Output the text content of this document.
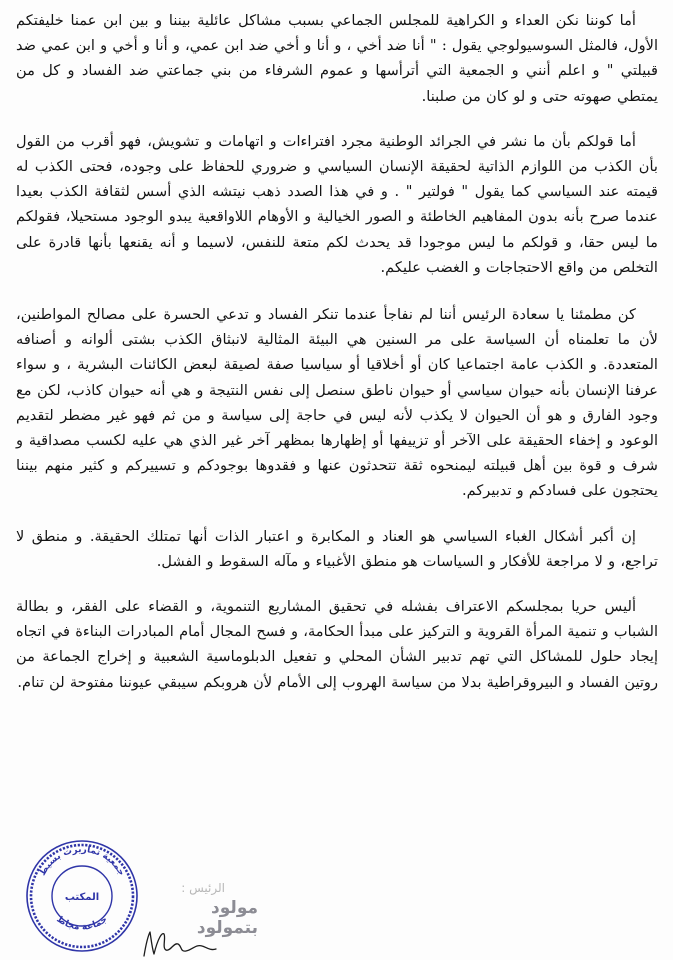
أما كوننا نكن العداء و الكراهية للمجلس الجماعي بسبب مشاكل عائلية بيننا و بين ابن عمنا خليفتكم الأول، فالمثل السوسيولوجي يقول : " أنا ضد أخي ، و أنا و أخي ضد ابن عمي، و أنا و أخي و ابن عمي ضد قبيلتي " و اعلم أنني و الجمعية التي أترأسها و عموم الشرفاء من بني جماعتي ضد الفساد و كل من يمتطي صهوته حتى و لو كان من صلبنا.

أما قولكم بأن ما نشر في الجرائد الوطنية مجرد افتراءات و اتهامات و تشويش، فهو أقرب من القول بأن الكذب من اللوازم الذاتية لحقيقة الإنسان السياسي و ضروري للحفاظ على وجوده، فحتى الكذب له قيمته عند السياسي كما يقول " فولتير " . و في هذا الصدد ذهب نيتشه الذي أسس لثقافة الكذب بعيدا عندما صرح بأنه بدون المفاهيم الخاطئة و الصور الخيالية و الأوهام اللاواقعية يبدو الوجود مستحيلا، فقولكم ما ليس حقا، و قولكم ما ليس موجودا قد يحدث لكم متعة للنفس، لاسيما و أنه يقنعها بأنها قادرة على التخلص من واقع الاحتجاجات و الغضب عليكم.

كن مطمئنا يا سعادة الرئيس أننا لم نفاجأ عندما تنكر الفساد و تدعي الحسرة على مصالح المواطنين، لأن ما تعلمناه أن السياسة على مر السنين هي البيئة المثالية لانبثاق الكذب بشتى ألوانه و أصنافه المتعددة. و الكذب عامة اجتماعيا كان أو أخلاقيا أو سياسيا صفة لصيقة لبعض الكائنات البشرية ، و سواء عرفنا الإنسان بأنه حيوان سياسي أو حيوان ناطق سنصل إلى نفس النتيجة و هي أنه حيوان كاذب، لكن مع وجود الفارق و هو أن الحيوان لا يكذب لأنه ليس في حاجة إلى سياسة و من ثم فهو غير مضطر لتقديم الوعود و إخفاء الحقيقة على الآخر أو تزييفها أو إظهارها بمظهر آخر غير الذي هي عليه لكسب مصداقية و شرف و قوة بين أهل قبيلته ليمنحوه ثقة تتحدثون عنها و فقدوها بوجودكم و تسييركم و كثير منهم بيننا يحتجون على فسادكم و تدبيركم.

إن أكبر أشكال الغباء السياسي هو العناد و المكابرة و اعتبار الذات أنها تمتلك الحقيقة. و منطق لا تراجع، و لا مراجعة للأفكار و السياسات هو منطق الأغبياء و مآله السقوط و الفشل.

أليس حريا بمجلسكم الاعتراف بفشله في تحقيق المشاريع التنموية، و القضاء على الفقر، و بطالة الشباب و تنمية المرأة القروية و التركيز على مبدأ الحكامة، و فسح المجال أمام المبادرات البناءة في اتجاه إيجاد حلول للمشاكل التي تهم تدبير الشأن المحلي و تفعيل الدبلوماسية الشعبية و إخراج الجماعة من روتين الفساد و البيروقراطية بدلا من سياسة الهروب إلى الأمام لأن هروبكم سيبقي عيوننا مفتوحة لن تنام.

الرئيس :
مولود بتمولود
جمعية تماريرت بسيط
المكتب
جماعة مجاط
